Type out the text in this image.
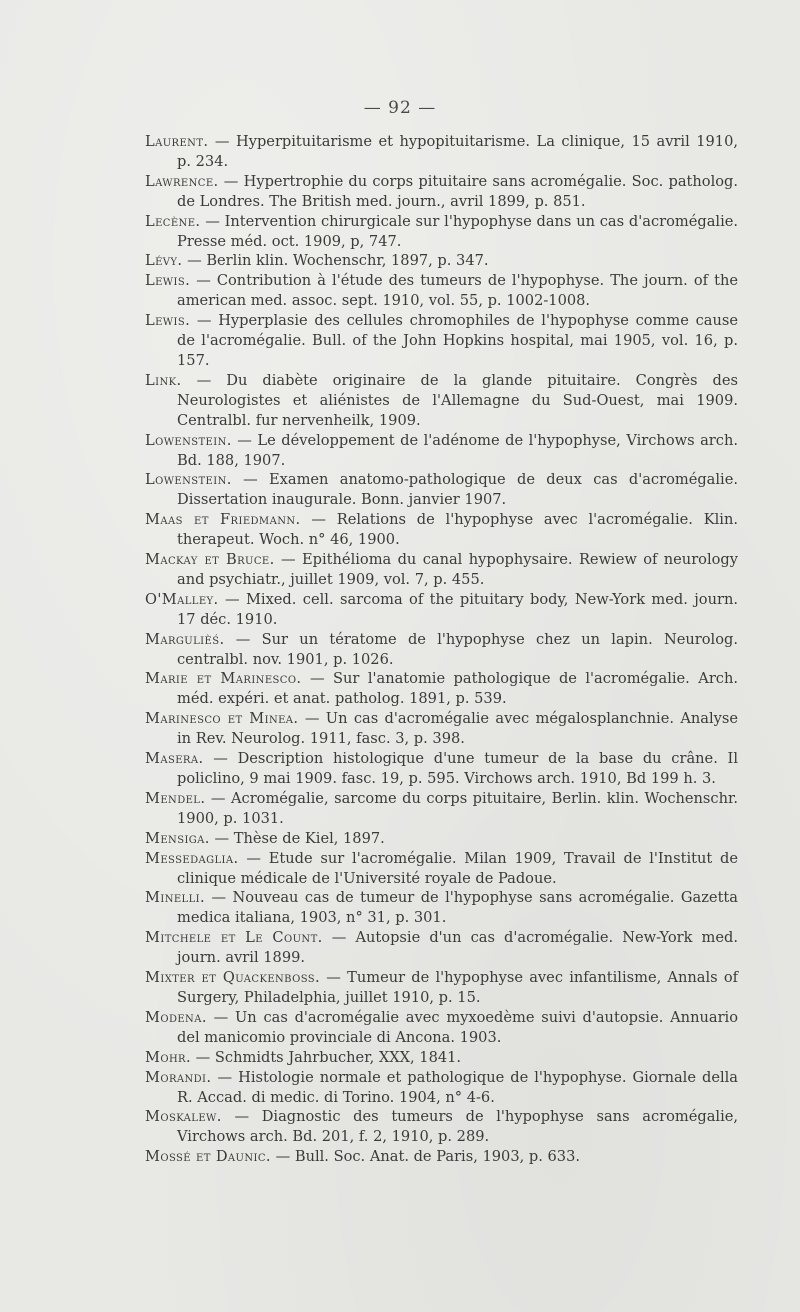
— 92 —
Laurent. — Hyperpituitarisme et hypopituitarisme. La clinique, 15 avril 1910, p. 234.
Lawrence. — Hypertrophie du corps pituitaire sans acromégalie. Soc. patholog. de Londres. The British med. journ., avril 1899, p. 851.
Lecène. — Intervention chirurgicale sur l'hypophyse dans un cas d'acromégalie. Presse méd. oct. 1909, p, 747.
Lévy. — Berlin klin. Wochenschr, 1897, p. 347.
Lewis. — Contribution à l'étude des tumeurs de l'hypophyse. The journ. of the american med. assoc. sept. 1910, vol. 55, p. 1002-1008.
Lewis. — Hyperplasie des cellules chromophiles de l'hypophyse comme cause de l'acromégalie. Bull. of the John Hopkins hospital, mai 1905, vol. 16, p. 157.
Link. — Du diabète originaire de la glande pituitaire. Congrès des Neurologistes et aliénistes de l'Allemagne du Sud-Ouest, mai 1909. Centralbl. fur nervenheilk, 1909.
Lowenstein. — Le développement de l'adénome de l'hypophyse, Virchows arch. Bd. 188, 1907.
Lowenstein. — Examen anatomo-pathologique de deux cas d'acromégalie. Dissertation inaugurale. Bonn. janvier 1907.
Maas et Friedmann. — Relations de l'hypophyse avec l'acromégalie. Klin. therapeut. Woch. n° 46, 1900.
Mackay et Bruce. — Epithélioma du canal hypophysaire. Rewiew of neurology and psychiatr., juillet 1909, vol. 7, p. 455.
O'Malley. — Mixed. cell. sarcoma of the pituitary body, New-York med. journ. 17 déc. 1910.
Margulièś. — Sur un tératome de l'hypophyse chez un lapin. Neurolog. centralbl. nov. 1901, p. 1026.
Marie et Marinesco. — Sur l'anatomie pathologique de l'acromégalie. Arch. méd. expéri. et anat. patholog. 1891, p. 539.
Marinesco et Minea. — Un cas d'acromégalie avec mégalosplanchnie. Analyse in Rev. Neurolog. 1911, fasc. 3, p. 398.
Masera. — Description histologique d'une tumeur de la base du crâne. Il policlino, 9 mai 1909. fasc. 19, p. 595. Virchows arch. 1910, Bd 199 h. 3.
Mendel. — Acromégalie, sarcome du corps pituitaire, Berlin. klin. Wochenschr. 1900, p. 1031.
Mensiga. — Thèse de Kiel, 1897.
Messedaglia. — Etude sur l'acromégalie. Milan 1909, Travail de l'Institut de clinique médicale de l'Université royale de Padoue.
Minelli. — Nouveau cas de tumeur de l'hypophyse sans acromégalie. Gazetta medica italiana, 1903, n° 31, p. 301.
Mitchele et Le Count. — Autopsie d'un cas d'acromégalie. New-York med. journ. avril 1899.
Mixter et Quackenboss. — Tumeur de l'hypophyse avec infantilisme, Annals of Surgery, Philadelphia, juillet 1910, p. 15.
Modena. — Un cas d'acromégalie avec myxoedème suivi d'autopsie. Annuario del manicomio provinciale di Ancona. 1903.
Mohr. — Schmidts Jahrbucher, XXX, 1841.
Morandi. — Histologie normale et pathologique de l'hypophyse. Giornale della R. Accad. di medic. di Torino. 1904, n° 4-6.
Moskalew. — Diagnostic des tumeurs de l'hypophyse sans acromégalie, Virchows arch. Bd. 201, f. 2, 1910, p. 289.
Mossé et Daunic. — Bull. Soc. Anat. de Paris, 1903, p. 633.
